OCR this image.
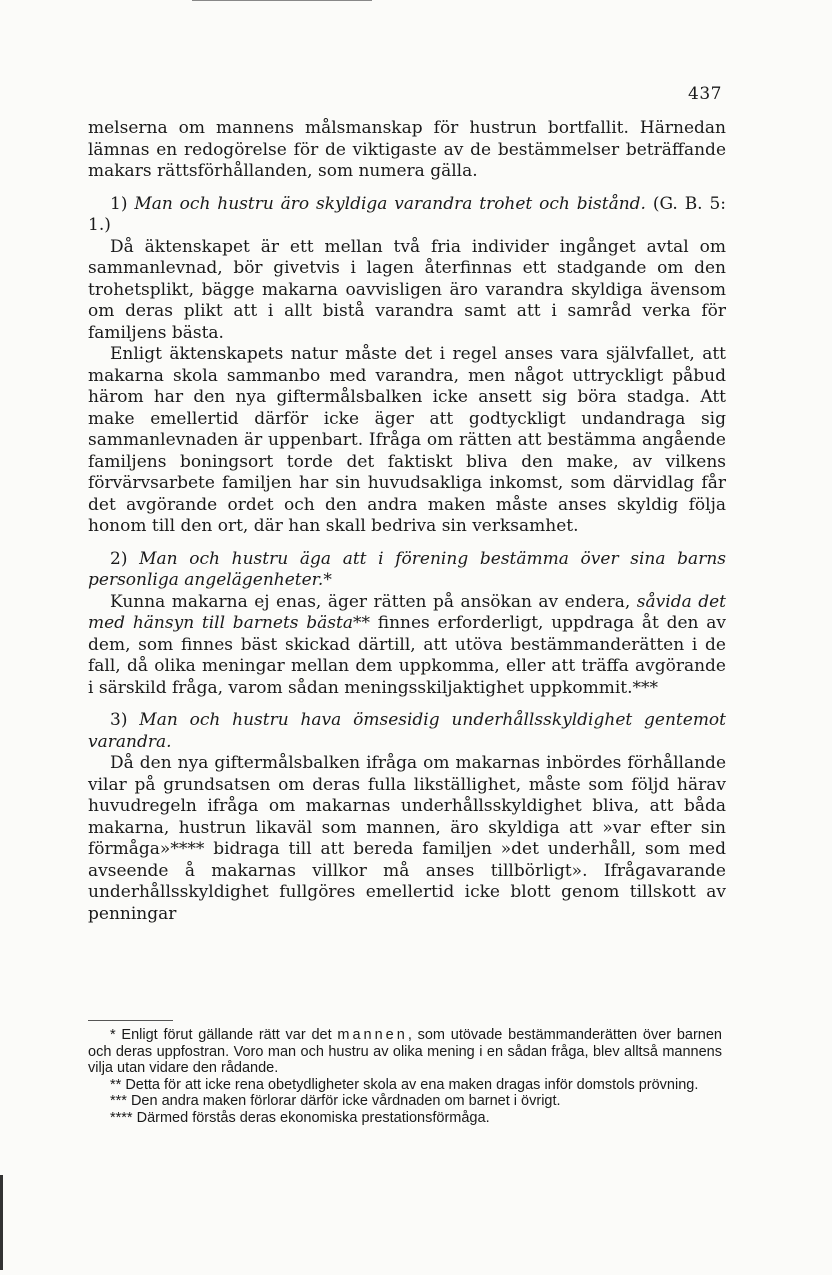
437

melserna om mannens målsmanskap för hustrun bortfallit. Härnedan lämnas en redogörelse för de viktigaste av de bestämmelser beträffande makars rättsförhållanden, som numera gälla.

1) Man och hustru äro skyldiga varandra trohet och bistånd. (G. B. 5: 1.)

Då äktenskapet är ett mellan två fria individer ingånget avtal om sammanlevnad, bör givetvis i lagen återfinnas ett stadgande om den trohetsplikt, bägge makarna oavvisligen äro varandra skyldiga ävensom om deras plikt att i allt bistå varandra samt att i samråd verka för familjens bästa.

Enligt äktenskapets natur måste det i regel anses vara självfallet, att makarna skola sammanbo med varandra, men något uttryckligt påbud härom har den nya giftermålsbalken icke ansett sig böra stadga. Att make emellertid därför icke äger att godtyckligt undandraga sig sammanlevnaden är uppenbart. Ifråga om rätten att bestämma angående familjens boningsort torde det faktiskt bliva den make, av vilkens förvärvsarbete familjen har sin huvudsakliga inkomst, som därvidlag får det avgörande ordet och den andra maken måste anses skyldig följa honom till den ort, där han skall bedriva sin verksamhet.

2) Man och hustru äga att i förening bestämma över sina barns personliga angelägenheter.*

Kunna makarna ej enas, äger rätten på ansökan av endera, såvida det med hänsyn till barnets bästa** finnes erforderligt, uppdraga åt den av dem, som finnes bäst skickad därtill, att utöva bestämmanderätten i de fall, då olika meningar mellan dem uppkomma, eller att träffa avgörande i särskild fråga, varom sådan meningsskiljaktighet uppkommit.***

3) Man och hustru hava ömsesidig underhållsskyldighet gentemot varandra.

Då den nya giftermålsbalken ifråga om makarnas inbördes förhållande vilar på grundsatsen om deras fulla likställighet, måste som följd härav huvudregeln ifråga om makarnas underhållsskyldighet bliva, att båda makarna, hustrun likaväl som mannen, äro skyldiga att »var efter sin förmåga»**** bidraga till att bereda familjen »det underhåll, som med avseende å makarnas villkor må anses tillbörligt». Ifrågavarande underhållsskyldighet fullgöres emellertid icke blott genom tillskott av penningar

* Enligt förut gällande rätt var det mannen, som utövade bestämmanderätten över barnen och deras uppfostran. Voro man och hustru av olika mening i en sådan fråga, blev alltså mannens vilja utan vidare den rådande.

** Detta för att icke rena obetydligheter skola av ena maken dragas inför domstols prövning.

*** Den andra maken förlorar därför icke vårdnaden om barnet i övrigt.

**** Därmed förstås deras ekonomiska prestationsförmåga.
